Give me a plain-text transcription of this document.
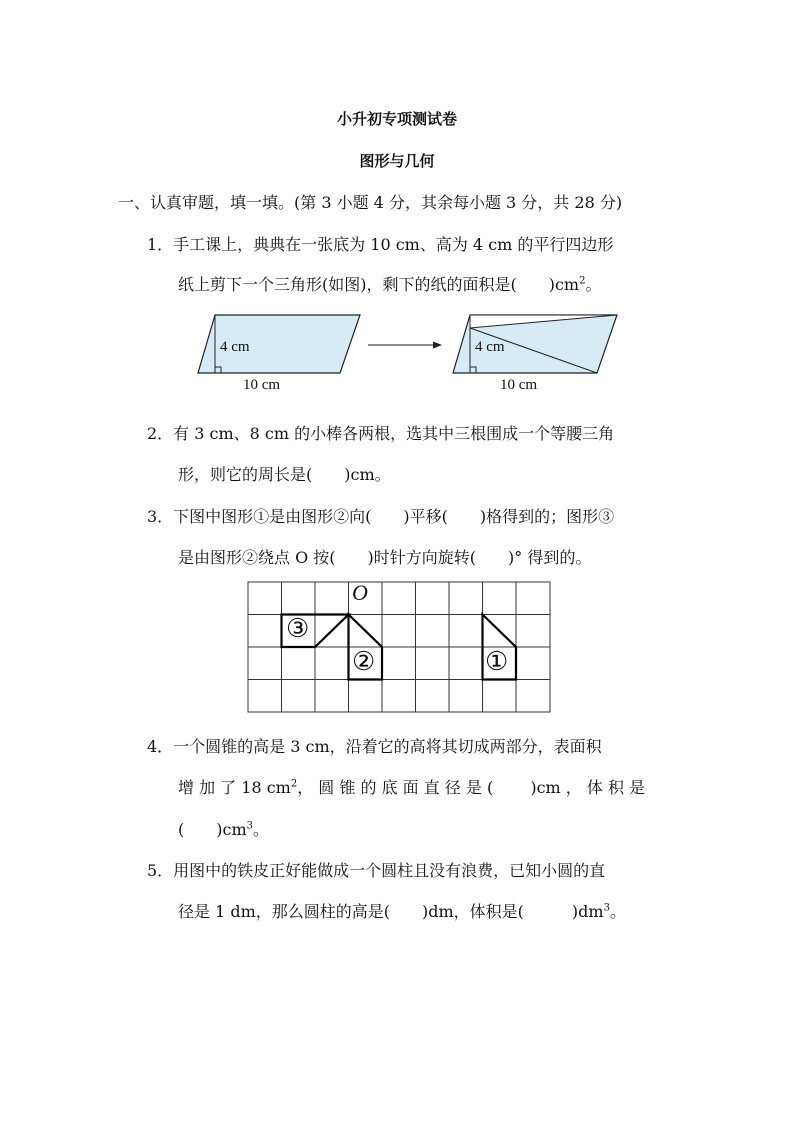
小升初专项测试卷
图形与几何
一、认真审题，填一填。(第 3 小题 4 分，其余每小题 3 分，共 28 分)
1．手工课上，典典在一张底为 10 cm、高为 4 cm 的平行四边形
纸上剪下一个三角形(如图)，剩下的纸的面积是(　　)$cm^2$。
4 cm
10 cm
4 cm
10 cm
2．有 3 cm、8 cm 的小棒各两根，选其中三根围成一个等腰三角
形，则它的周长是(　　)cm。
3．下图中图形①是由图形②向(　　)平移(　　)格得到的；图形③
是由图形②绕点 O 按(　　)时针方向旋转(　　)° 得到的。
O
③
②	①
4．一个圆锥的高是 3 cm，沿着它的高将其切成两部分，表面积
增 加 了 18 $cm^2$， 圆 锥 的 底 面 直 径 是 (　　 )cm ， 体 积 是
(　　)$cm^3$。
5．用图中的铁皮正好能做成一个圆柱且没有浪费，已知小圆的直
径是 1 dm，那么圆柱的高是(　　)dm，体积是(　　　)$dm^3$。
